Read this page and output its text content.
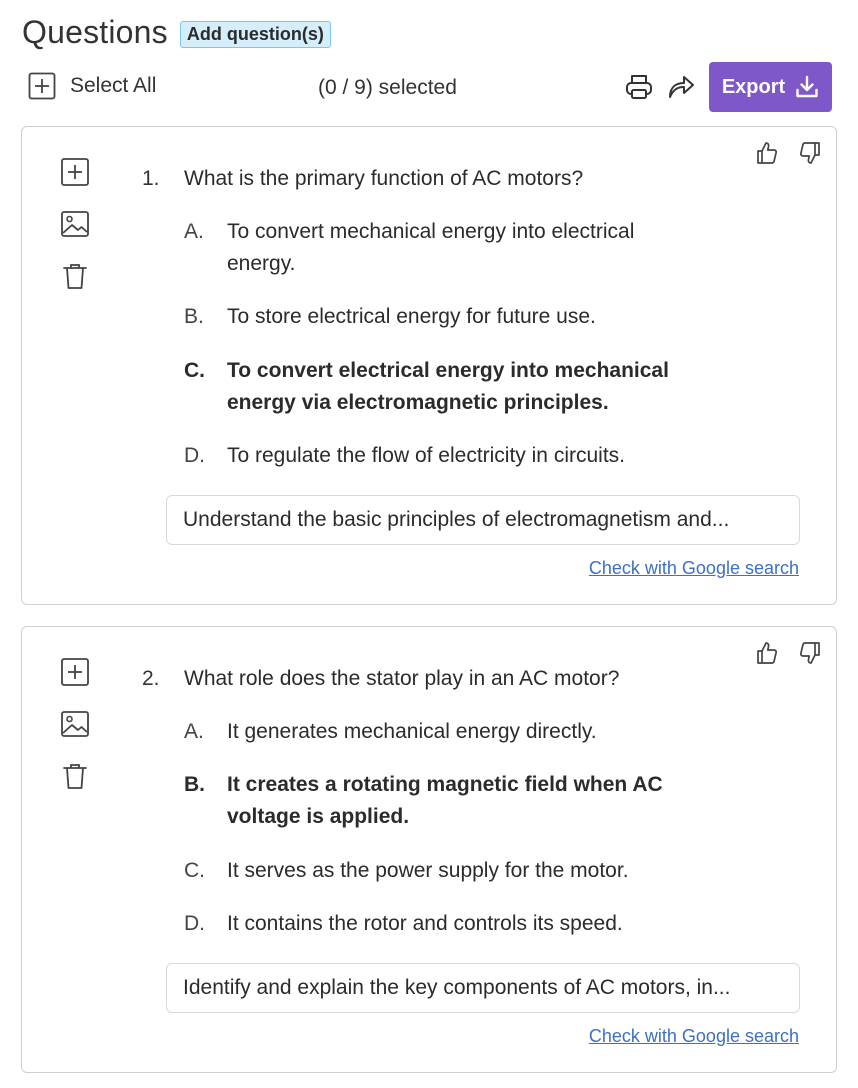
Questions	Add question(s)
Select All	(0 / 9) selected	Export
1. What is the primary function of AC motors?
A.	To convert mechanical energy into electrical energy.
B.	To store electrical energy for future use.
C.	To convert electrical energy into mechanical energy via electromagnetic principles.
D.	To regulate the flow of electricity in circuits.
Understand the basic principles of electromagnetism and...
Check with Google search
2. What role does the stator play in an AC motor?
A.	It generates mechanical energy directly.
B.	It creates a rotating magnetic field when AC voltage is applied.
C.	It serves as the power supply for the motor.
D.	It contains the rotor and controls its speed.
Identify and explain the key components of AC motors, in...
Check with Google search
